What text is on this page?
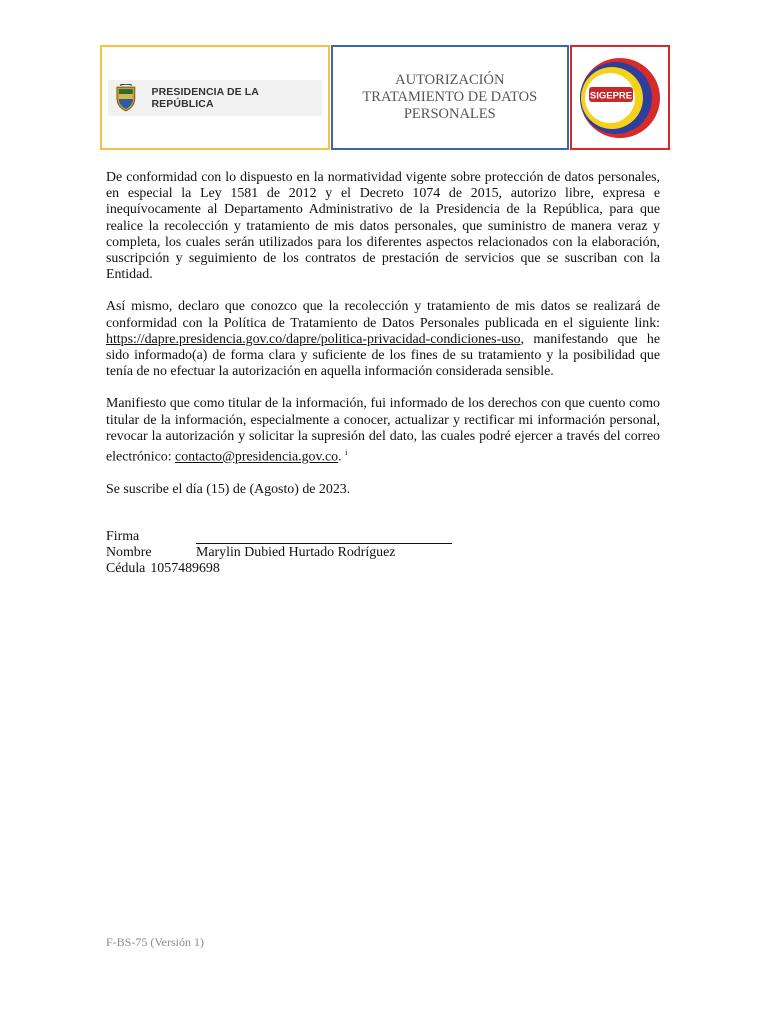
PRESIDENCIA DE LA REPÚBLICA
AUTORIZACIÓN
TRATAMIENTO DE DATOS
PERSONALES
SIGEPRE

De conformidad con lo dispuesto en la normatividad vigente sobre protección de datos personales, en especial la Ley 1581 de 2012 y el Decreto 1074 de 2015, autorizo libre, expresa e inequívocamente al Departamento Administrativo de la Presidencia de la República, para que realice la recolección y tratamiento de mis datos personales, que suministro de manera veraz y completa, los cuales serán utilizados para los diferentes aspectos relacionados con la elaboración, suscripción y seguimiento de los contratos de prestación de servicios que se suscriban con la Entidad.

Así mismo, declaro que conozco que la recolección y tratamiento de mis datos se realizará de conformidad con la Política de Tratamiento de Datos Personales publicada en el siguiente link: https://dapre.presidencia.gov.co/dapre/politica-privacidad-condiciones-uso, manifestando que he sido informado(a) de forma clara y suficiente de los fines de su tratamiento y la posibilidad que tenía de no efectuar la autorización en aquella información considerada sensible.

Manifiesto que como titular de la información, fui informado de los derechos con que cuento como titular de la información, especialmente a conocer, actualizar y rectificar mi información personal, revocar la autorización y solicitar la supresión del dato, las cuales podré ejercer a través del correo electrónico: contacto@presidencia.gov.co. $^i$

Se suscribe el día (15) de (Agosto) de 2023.

Firma
Nombre	Marylin Dubied Hurtado Rodríguez
Cédula 1057489698
F-BS-75 (Versión 1)
